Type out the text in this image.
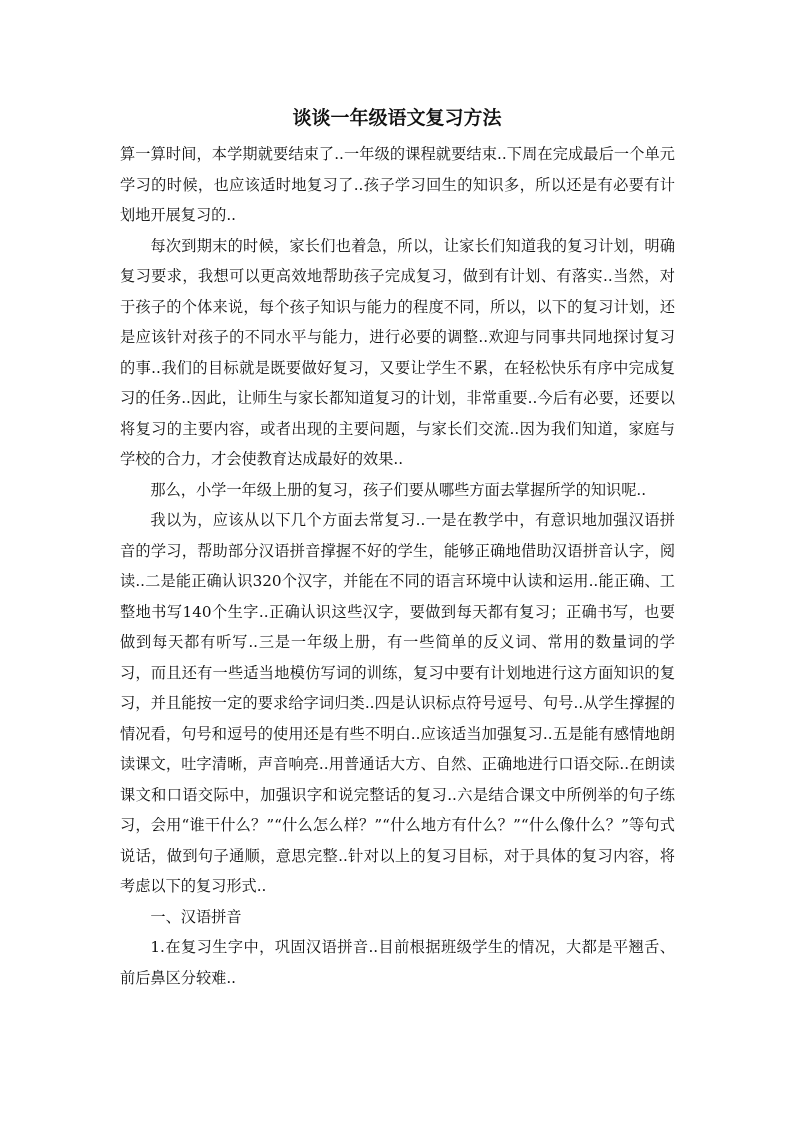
谈谈一年级语文复习方法

算一算时间，本学期就要结束了..一年级的课程就要结束..下周在完成最后一个单元学习的时候，也应该适时地复习了..孩子学习回生的知识多，所以还是有必要有计划地开展复习的..

每次到期末的时候，家长们也着急，所以，让家长们知道我的复习计划，明确复习要求，我想可以更高效地帮助孩子完成复习，做到有计划、有落实..当然，对于孩子的个体来说，每个孩子知识与能力的程度不同，所以，以下的复习计划，还是应该针对孩子的不同水平与能力，进行必要的调整..欢迎与同事共同地探讨复习的事..我们的目标就是既要做好复习，又要让学生不累，在轻松快乐有序中完成复习的任务..因此，让师生与家长都知道复习的计划，非常重要..今后有必要，还要以将复习的主要内容，或者出现的主要问题，与家长们交流..因为我们知道，家庭与学校的合力，才会使教育达成最好的效果..

那么，小学一年级上册的复习，孩子们要从哪些方面去掌握所学的知识呢..

我以为，应该从以下几个方面去常复习..一是在教学中，有意识地加强汉语拼音的学习，帮助部分汉语拼音撑握不好的学生，能够正确地借助汉语拼音认字，阅读..二是能正确认识320个汉字，并能在不同的语言环境中认读和运用..能正确、工整地书写140个生字..正确认识这些汉字，要做到每天都有复习；正确书写，也要做到每天都有听写..三是一年级上册，有一些简单的反义词、常用的数量词的学习，而且还有一些适当地模仿写词的训练，复习中要有计划地进行这方面知识的复习，并且能按一定的要求给字词归类..四是认识标点符号逗号、句号..从学生撑握的情况看，句号和逗号的使用还是有些不明白..应该适当加强复习..五是能有感情地朗读课文，吐字清晰，声音响亮..用普通话大方、自然、正确地进行口语交际..在朗读课文和口语交际中，加强识字和说完整话的复习..六是结合课文中所例举的句子练习，会用“谁干什么？”“什么怎么样？”“什么地方有什么？”“什么像什么？”等句式说话，做到句子通顺，意思完整..针对以上的复习目标，对于具体的复习内容，将考虑以下的复习形式..

一、汉语拼音

1.在复习生字中，巩固汉语拼音..目前根据班级学生的情况，大都是平翘舌、前后鼻区分较难..
